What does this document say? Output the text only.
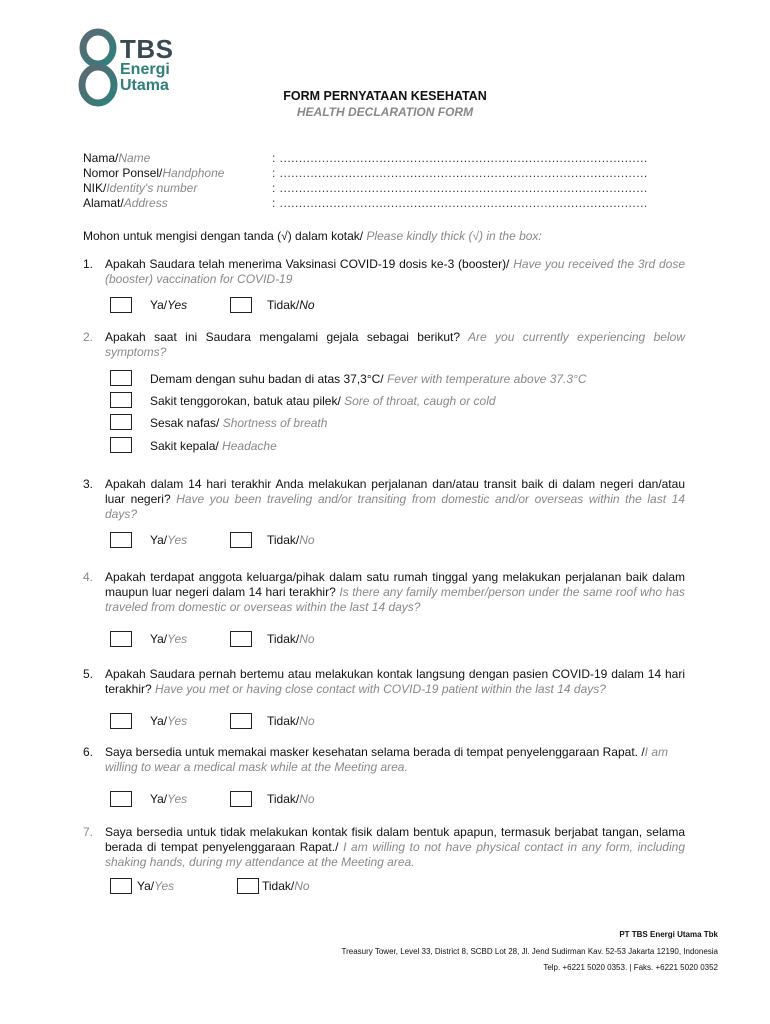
TBS
Energi
Utama
FORM PERNYATAAN KESEHATAN
HEALTH DECLARATION FORM
Nama/Name	: ................................................................................................
Nomor Ponsel/Handphone	: ................................................................................................
NIK/Identity's number	: ................................................................................................
Alamat/Address	: ................................................................................................
Mohon untuk mengisi dengan tanda (√) dalam kotak/ Please kindly thick (√) in the box:
1. Apakah Saudara telah menerima Vaksinasi COVID-19 dosis ke-3 (booster)/ Have you received the 3rd dose (booster) vaccination for COVID-19
Ya/Yes	Tidak/No
2. Apakah saat ini Saudara mengalami gejala sebagai berikut? Are you currently experiencing below symptoms?
Demam dengan suhu badan di atas 37,3°C/ Fever with temperature above 37.3°C
Sakit tenggorokan, batuk atau pilek/ Sore of throat, caugh or cold
Sesak nafas/ Shortness of breath
Sakit kepala/ Headache
3. Apakah dalam 14 hari terakhir Anda melakukan perjalanan dan/atau transit baik di dalam negeri dan/atau luar negeri? Have you been traveling and/or transiting from domestic and/or overseas within the last 14 days?
Ya/Yes	Tidak/No
4. Apakah terdapat anggota keluarga/pihak dalam satu rumah tinggal yang melakukan perjalanan baik dalam maupun luar negeri dalam 14 hari terakhir? Is there any family member/person under the same roof who has traveled from domestic or overseas within the last 14 days?
Ya/Yes	Tidak/No
5. Apakah Saudara pernah bertemu atau melakukan kontak langsung dengan pasien COVID-19 dalam 14 hari terakhir? Have you met or having close contact with COVID-19 patient within the last 14 days?
Ya/Yes	Tidak/No
6. Saya bersedia untuk memakai masker kesehatan selama berada di tempat penyelenggaraan Rapat. /I am willing to wear a medical mask while at the Meeting area.
Ya/Yes	Tidak/No
7. Saya bersedia untuk tidak melakukan kontak fisik dalam bentuk apapun, termasuk berjabat tangan, selama berada di tempat penyelenggaraan Rapat./ I am willing to not have physical contact in any form, including shaking hands, during my attendance at the Meeting area.
Ya/Yes	Tidak/No
PT TBS Energi Utama Tbk
Treasury Tower, Level 33, District 8, SCBD Lot 28, Jl. Jend Sudirman Kav. 52-53 Jakarta 12190, Indonesia
Telp. +6221 5020 0353. | Faks. +6221 5020 0352
